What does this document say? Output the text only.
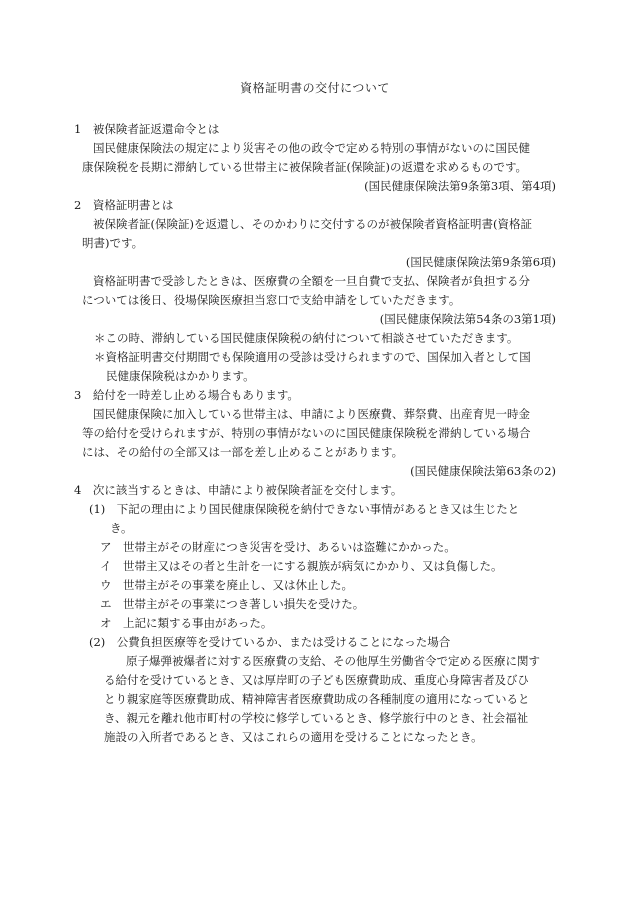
資格証明書の交付について
1　被保険者証返還命令とは
国民健康保険法の規定により災害その他の政令で定める特別の事情がないのに国民健
康保険税を長期に滞納している世帯主に被保険者証(保険証)の返還を求めるものです。
(国民健康保険法第9条第3項、第4項)
2　資格証明書とは
被保険者証(保険証)を返還し、そのかわりに交付するのが被保険者資格証明書(資格証
明書)です。
(国民健康保険法第9条第6項)
資格証明書で受診したときは、医療費の全額を一旦自費で支払、保険者が負担する分
については後日、役場保険医療担当窓口で支給申請をしていただきます。
(国民健康保険法第54条の3第1項)
＊この時、滞納している国民健康保険税の納付について相談させていただきます。
＊資格証明書交付期間でも保険適用の受診は受けられますので、国保加入者として国
民健康保険税はかかります。
3　給付を一時差し止める場合もあります。
国民健康保険に加入している世帯主は、申請により医療費、葬祭費、出産育児一時金
等の給付を受けられますが、特別の事情がないのに国民健康保険税を滞納している場合
には、その給付の全部又は一部を差し止めることがあります。
(国民健康保険法第63条の2)
4　次に該当するときは、申請により被保険者証を交付します。
(1)　下記の理由により国民健康保険税を納付できない事情があるとき又は生じたと
き。
ア　世帯主がその財産につき災害を受け、あるいは盗難にかかった。
イ　世帯主又はその者と生計を一にする親族が病気にかかり、又は負傷した。
ウ　世帯主がその事業を廃止し、又は休止した。
エ　世帯主がその事業につき著しい損失を受けた。
オ　上記に類する事由があった。
(2)　公費負担医療等を受けているか、または受けることになった場合
原子爆弾被爆者に対する医療費の支給、その他厚生労働省令で定める医療に関す
る給付を受けているとき、又は厚岸町の子ども医療費助成、重度心身障害者及びひ
とり親家庭等医療費助成、精神障害者医療費助成の各種制度の適用になっていると
き、親元を離れ他市町村の学校に修学しているとき、修学旅行中のとき、社会福祉
施設の入所者であるとき、又はこれらの適用を受けることになったとき。
